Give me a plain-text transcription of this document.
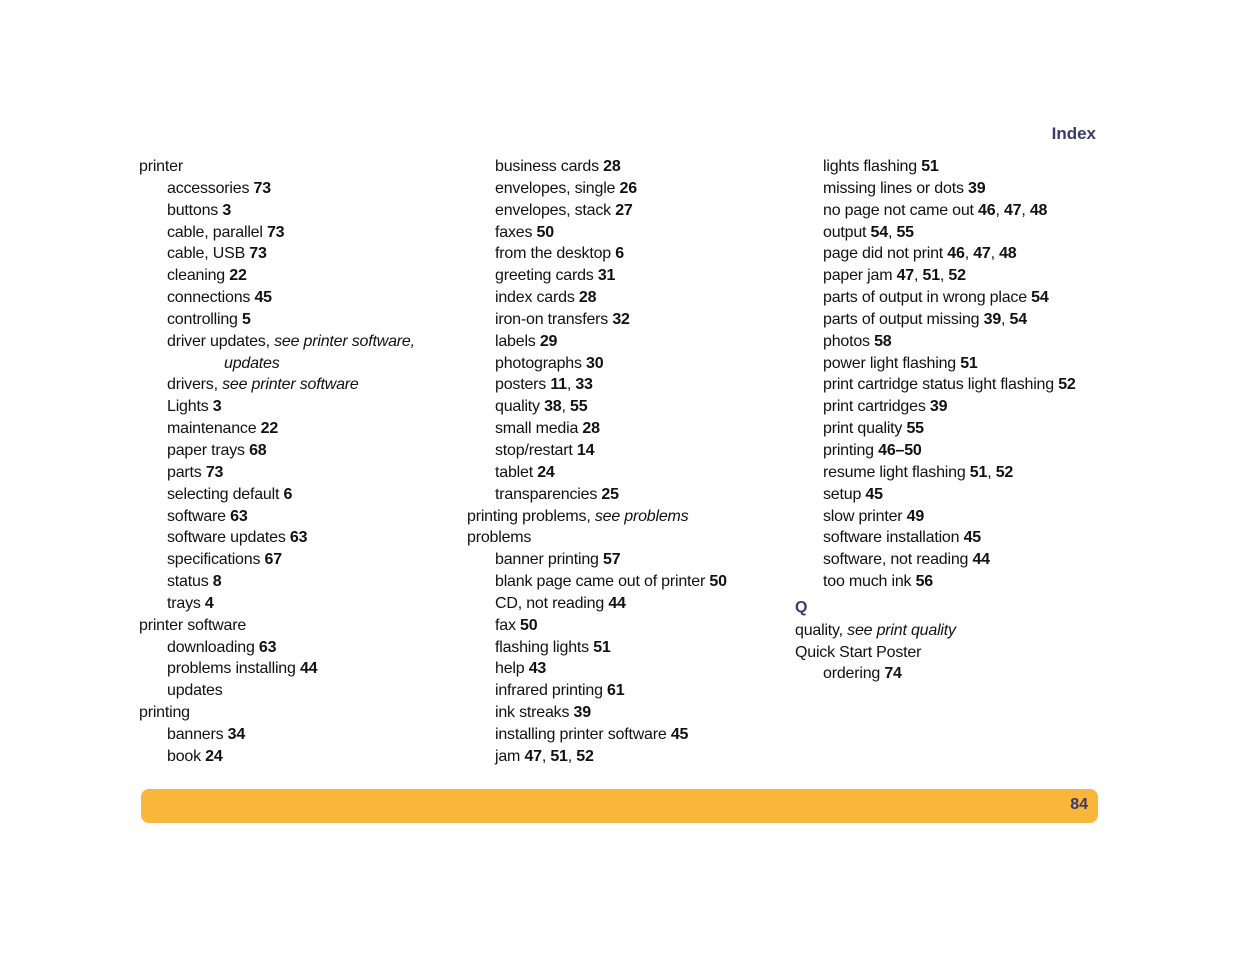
Index
printer
accessories 73
buttons 3
cable, parallel 73
cable, USB 73
cleaning 22
connections 45
controlling 5
driver updates, see printer software,
updates
drivers, see printer software
Lights 3
maintenance 22
paper trays 68
parts 73
selecting default 6
software 63
software updates 63
specifications 67
status 8
trays 4
printer software
downloading 63
problems installing 44
updates
printing
banners 34
book 24
business cards 28
envelopes, single 26
envelopes, stack 27
faxes 50
from the desktop 6
greeting cards 31
index cards 28
iron-on transfers 32
labels 29
photographs 30
posters 11, 33
quality 38, 55
small media 28
stop/restart 14
tablet 24
transparencies 25
printing problems, see problems
problems
banner printing 57
blank page came out of printer 50
CD, not reading 44
fax 50
flashing lights 51
help 43
infrared printing 61
ink streaks 39
installing printer software 45
jam 47, 51, 52
lights flashing 51
missing lines or dots 39
no page not came out 46, 47, 48
output 54, 55
page did not print 46, 47, 48
paper jam 47, 51, 52
parts of output in wrong place 54
parts of output missing 39, 54
photos 58
power light flashing 51
print cartridge status light flashing 52
print cartridges 39
print quality 55
printing 46–50
resume light flashing 51, 52
setup 45
slow printer 49
software installation 45
software, not reading 44
too much ink 56
Q
quality, see print quality
Quick Start Poster
ordering 74
84
